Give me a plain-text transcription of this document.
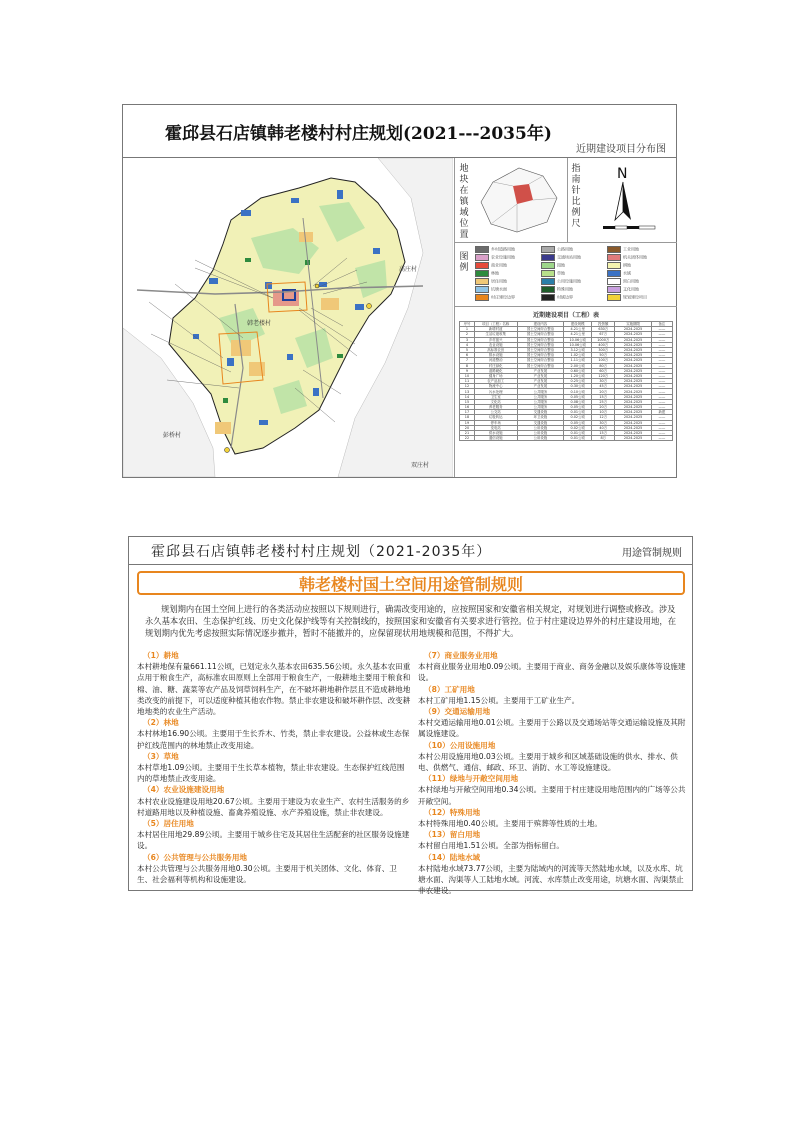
霍邱县石店镇韩老楼村村庄规划(2021---2035年)
近期建设项目分布图
高庄村
彭桥村
双庄村
韩老楼村
地
块
在
镇
域
位
置
指
南
针
比
例
尺
N
图
例
乡村道路用地	公路用地	工业用地
农业设施用地	交通场站用地	机关团体用地
商业用地	园地	耕地
林地	草地	水域
居住用地	公用设施用地	留白用地
坑塘水面	特殊用地	文化用地
村庄建设边界	村域边界	规划建设项目
近期建设项目（工程）表
序号	项目（工程）名称	建设内容	建设规模	投资额	实施期限	备注
1	新增村道	国土空间综合整治	4.21公里	630万	2024-2025	——
2	生活垃圾收集	国土空间综合整治	4.21公里	67万	2024-2025	——
3	乡村振兴	国土空间综合整治	10.06公顷	1000万	2024-2025	——
4	农业设施	国土空间综合整治	10.06公顷	400万	2024-2025	——
5	高标准农田	国土空间综合整治	3.12公顷	300万	2024-2025	——
6	排水设施	国土空间综合整治	1.02公顷	50万	2024-2025	——
7	河道整治	国土空间综合整治	1.11公顷	100万	2024-2025	——
8	村庄绿化	国土空间综合整治	2.00公顷	80万	2024-2025	——
9	道路硬化	产业发展	0.60公顷	60万	2024-2025	——
10	健身广场	产业发展	1.20公顷	120万	2024-2025	——
11	农产品加工	产业发展	0.25公顷	30万	2024-2025	——
12	物流中心	产业发展	0.30公顷	45万	2024-2025	——
13	污水处理	公共服务	0.10公顷	20万	2024-2025	——
14	卫生室	公共服务	0.05公顷	15万	2024-2025	——
15	文化站	公共服务	0.08公顷	25万	2024-2025	——
16	养老服务	公共服务	0.05公顷	20万	2024-2025	——
17	公交站	交通设施	0.01公顷	10万	2024-2025	新建
18	垃圾转运	环卫设施	0.02公顷	12万	2024-2025	——
19	停车场	交通设施	0.05公顷	30万	2024-2025	——
20	变电站	公用设施	0.02公顷	40万	2024-2025	——
21	供水设施	公用设施	0.01公顷	15万	2024-2025	——
22	通信设施	公用设施	0.01公顷	8万	2024-2025	——
霍邱县石店镇韩老楼村村庄规划（2021-2035年）	用途管制规则
韩老楼村国土空间用途管制规则
规划期内在国土空间上进行的各类活动应按照以下规则进行，确需改变用途的，应按照国家和安徽省相关规定，对规划进行调整或修改。涉及永久基本农田、生态保护红线、历史文化保护线等有关控制线的，按照国家和安徽省有关要求进行管控。位于村庄建设边界外的村庄建设用地，在规划期内优先考虑按照实际情况逐步撤并，暂时不能撤并的，应保留现状用地规模和范围，不得扩大。
（1）耕地

本村耕地保有量661.11公顷，已划定永久基本农田635.56公顷。永久基本农田重点用于粮食生产，高标准农田原则上全部用于粮食生产，一般耕地主要用于粮食和棉、油、糖、蔬菜等农产品及饲草饲料生产，在不破坏耕地耕作层且不造成耕地地类改变的前提下，可以适度种植其他农作物。禁止非农建设和破坏耕作层、改变耕地地类的农业生产活动。

（2）林地

本村林地16.90公顷。主要用于生长乔木、竹类，禁止非农建设。公益林或生态保护红线范围内的林地禁止改变用途。

（3）草地

本村草地1.09公顷。主要用于生长草本植物，禁止非农建设。生态保护红线范围内的草地禁止改变用途。

（4）农业设施建设用地

本村农业设施建设用地20.67公顷。主要用于建设为农业生产、农村生活服务的乡村道路用地以及种植设施、畜禽养殖设施、水产养殖设施，禁止非农建设。

（5）居住用地

本村居住用地29.89公顷。主要用于城乡住宅及其居住生活配套的社区服务设施建设。

（6）公共管理与公共服务用地

本村公共管理与公共服务用地0.30公顷。主要用于机关团体、文化、体育、卫生、社会福利等机构和设施建设。

（7）商业服务业用地

本村商业服务业用地0.09公顷。主要用于商业、商务金融以及娱乐康体等设施建设。

（8）工矿用地

本村工矿用地1.15公顷。主要用于工矿业生产。

（9）交通运输用地

本村交通运输用地0.01公顷。主要用于公路以及交通场站等交通运输设施及其附属设施建设。

（10）公用设施用地

本村公用设施用地0.03公顷。主要用于城乡和区域基础设施的供水、排水、供电、供燃气、通信、邮政、环卫、消防、水工等设施建设。

（11）绿地与开敞空间用地

本村绿地与开敞空间用地0.34公顷。主要用于村庄建设用地范围内的广场等公共开敞空间。

（12）特殊用地

本村特殊用地0.40公顷。主要用于殡葬等性质的土地。

（13）留白用地

本村留白用地1.51公顷。全部为指标留白。

（14）陆地水域

本村陆地水域73.77公顷，主要为陆域内的河流等天然陆地水域，以及水库、坑塘水面、沟渠等人工陆地水域。河流、水库禁止改变用途，坑塘水面、沟渠禁止非农建设。
